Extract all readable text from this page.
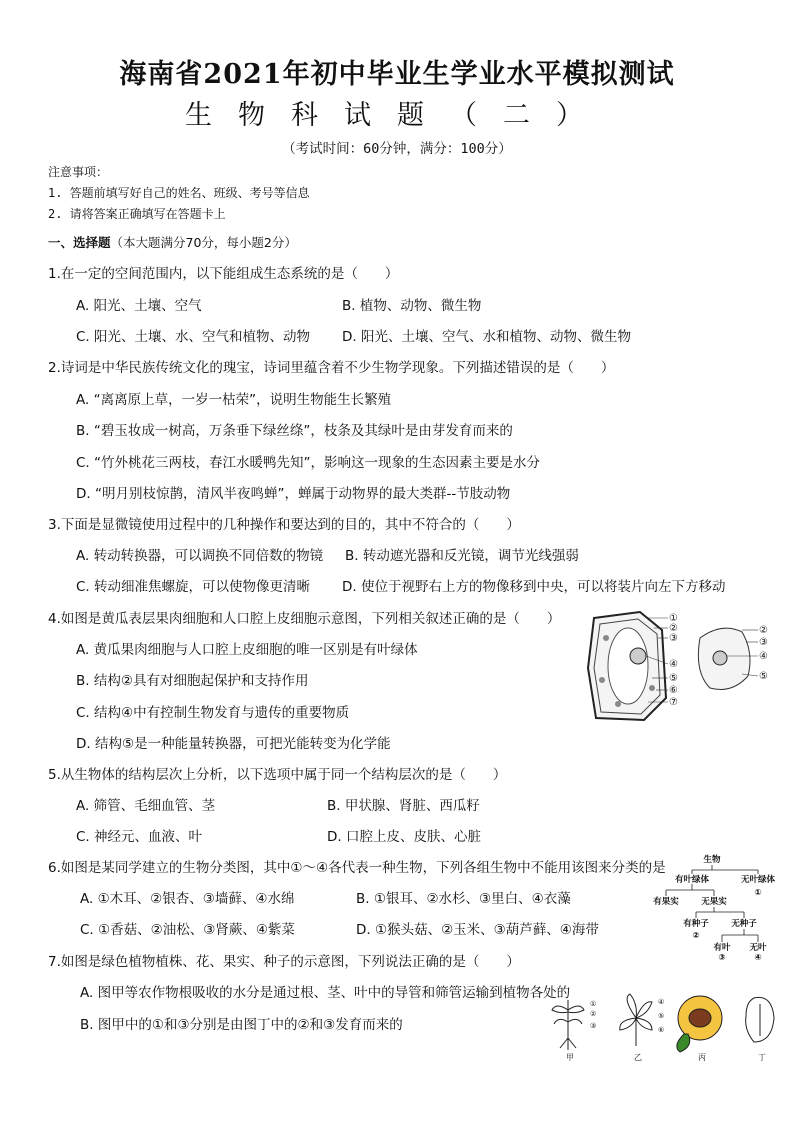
海南省2021年初中毕业生学业水平模拟测试
生物科试题（二）
（考试时间：60分钟，满分：100分）
注意事项：
1. 答题前填写好自己的姓名、班级、考号等信息
2. 请将答案正确填写在答题卡上
一、选择题（本大题满分70分，每小题2分）
1.在一定的空间范围内，以下能组成生态系统的是（　　）
A. 阳光、土壤、空气	B. 植物、动物、微生物
C. 阳光、土壤、水、空气和植物、动物 D. 阳光、土壤、空气、水和植物、动物、微生物
2.诗词是中华民族传统文化的瑰宝，诗词里蕴含着不少生物学现象。下列描述错误的是（　　）
A. “离离原上草，一岁一枯荣”，说明生物能生长繁殖
B. “碧玉妆成一树高，万条垂下绿丝绦”，枝条及其绿叶是由芽发育而来的
C. “竹外桃花三两枝，春江水暖鸭先知”，影响这一现象的生态因素主要是水分
D. “明月别枝惊鹊，清风半夜鸣蝉”，蝉属于动物界的最大类群--节肢动物
3.下面是显微镜使用过程中的几种操作和要达到的目的，其中不符合的（　　）
A. 转动转换器，可以调换不同倍数的物镜 B. 转动遮光器和反光镜，调节光线强弱
C. 转动细准焦螺旋，可以使物像更清晰 D. 使位于视野右上方的物像移到中央，可以将装片向左下方移动
4.如图是黄瓜表层果肉细胞和人口腔上皮细胞示意图，下列相关叙述正确的是（　　）
A. 黄瓜果肉细胞与人口腔上皮细胞的唯一区别是有叶绿体
B. 结构②具有对细胞起保护和支持作用
C. 结构④中有控制生物发育与遗传的重要物质
D. 结构⑤是一种能量转换器，可把光能转变为化学能
5.从生物体的结构层次上分析，以下选项中属于同一个结构层次的是（　　）
A. 筛管、毛细血管、茎	B. 甲状腺、肾脏、西瓜籽
C. 神经元、血液、叶	D. 口腔上皮、皮肤、心脏
6.如图是某同学建立的生物分类图，其中①～④各代表一种生物，下列各组生物中不能用该图来分类的是
A. ①木耳、②银杏、③墙藓、④水绵	B. ①银耳、②水杉、③里白、④衣藻
C. ①香菇、②油松、③肾蕨、④紫菜	D. ①猴头菇、②玉米、③葫芦藓、④海带
7.如图是绿色植物植株、花、果实、种子的示意图，下列说法正确的是（　　）
A. 图甲等农作物根吸收的水分是通过根、茎、叶中的导管和筛管运输到植物各处的
B. 图甲中的①和③分别是由图丁中的②和③发育而来的
①
②
③
④
⑤
⑥
⑦
②
③
④
⑤
生物
有叶绿体	无叶绿体
①
有果实	无果实
有种子	无种子
②
有叶 无叶
③	④
①
②
③
④
⑤
⑥
甲	乙	丙	丁
